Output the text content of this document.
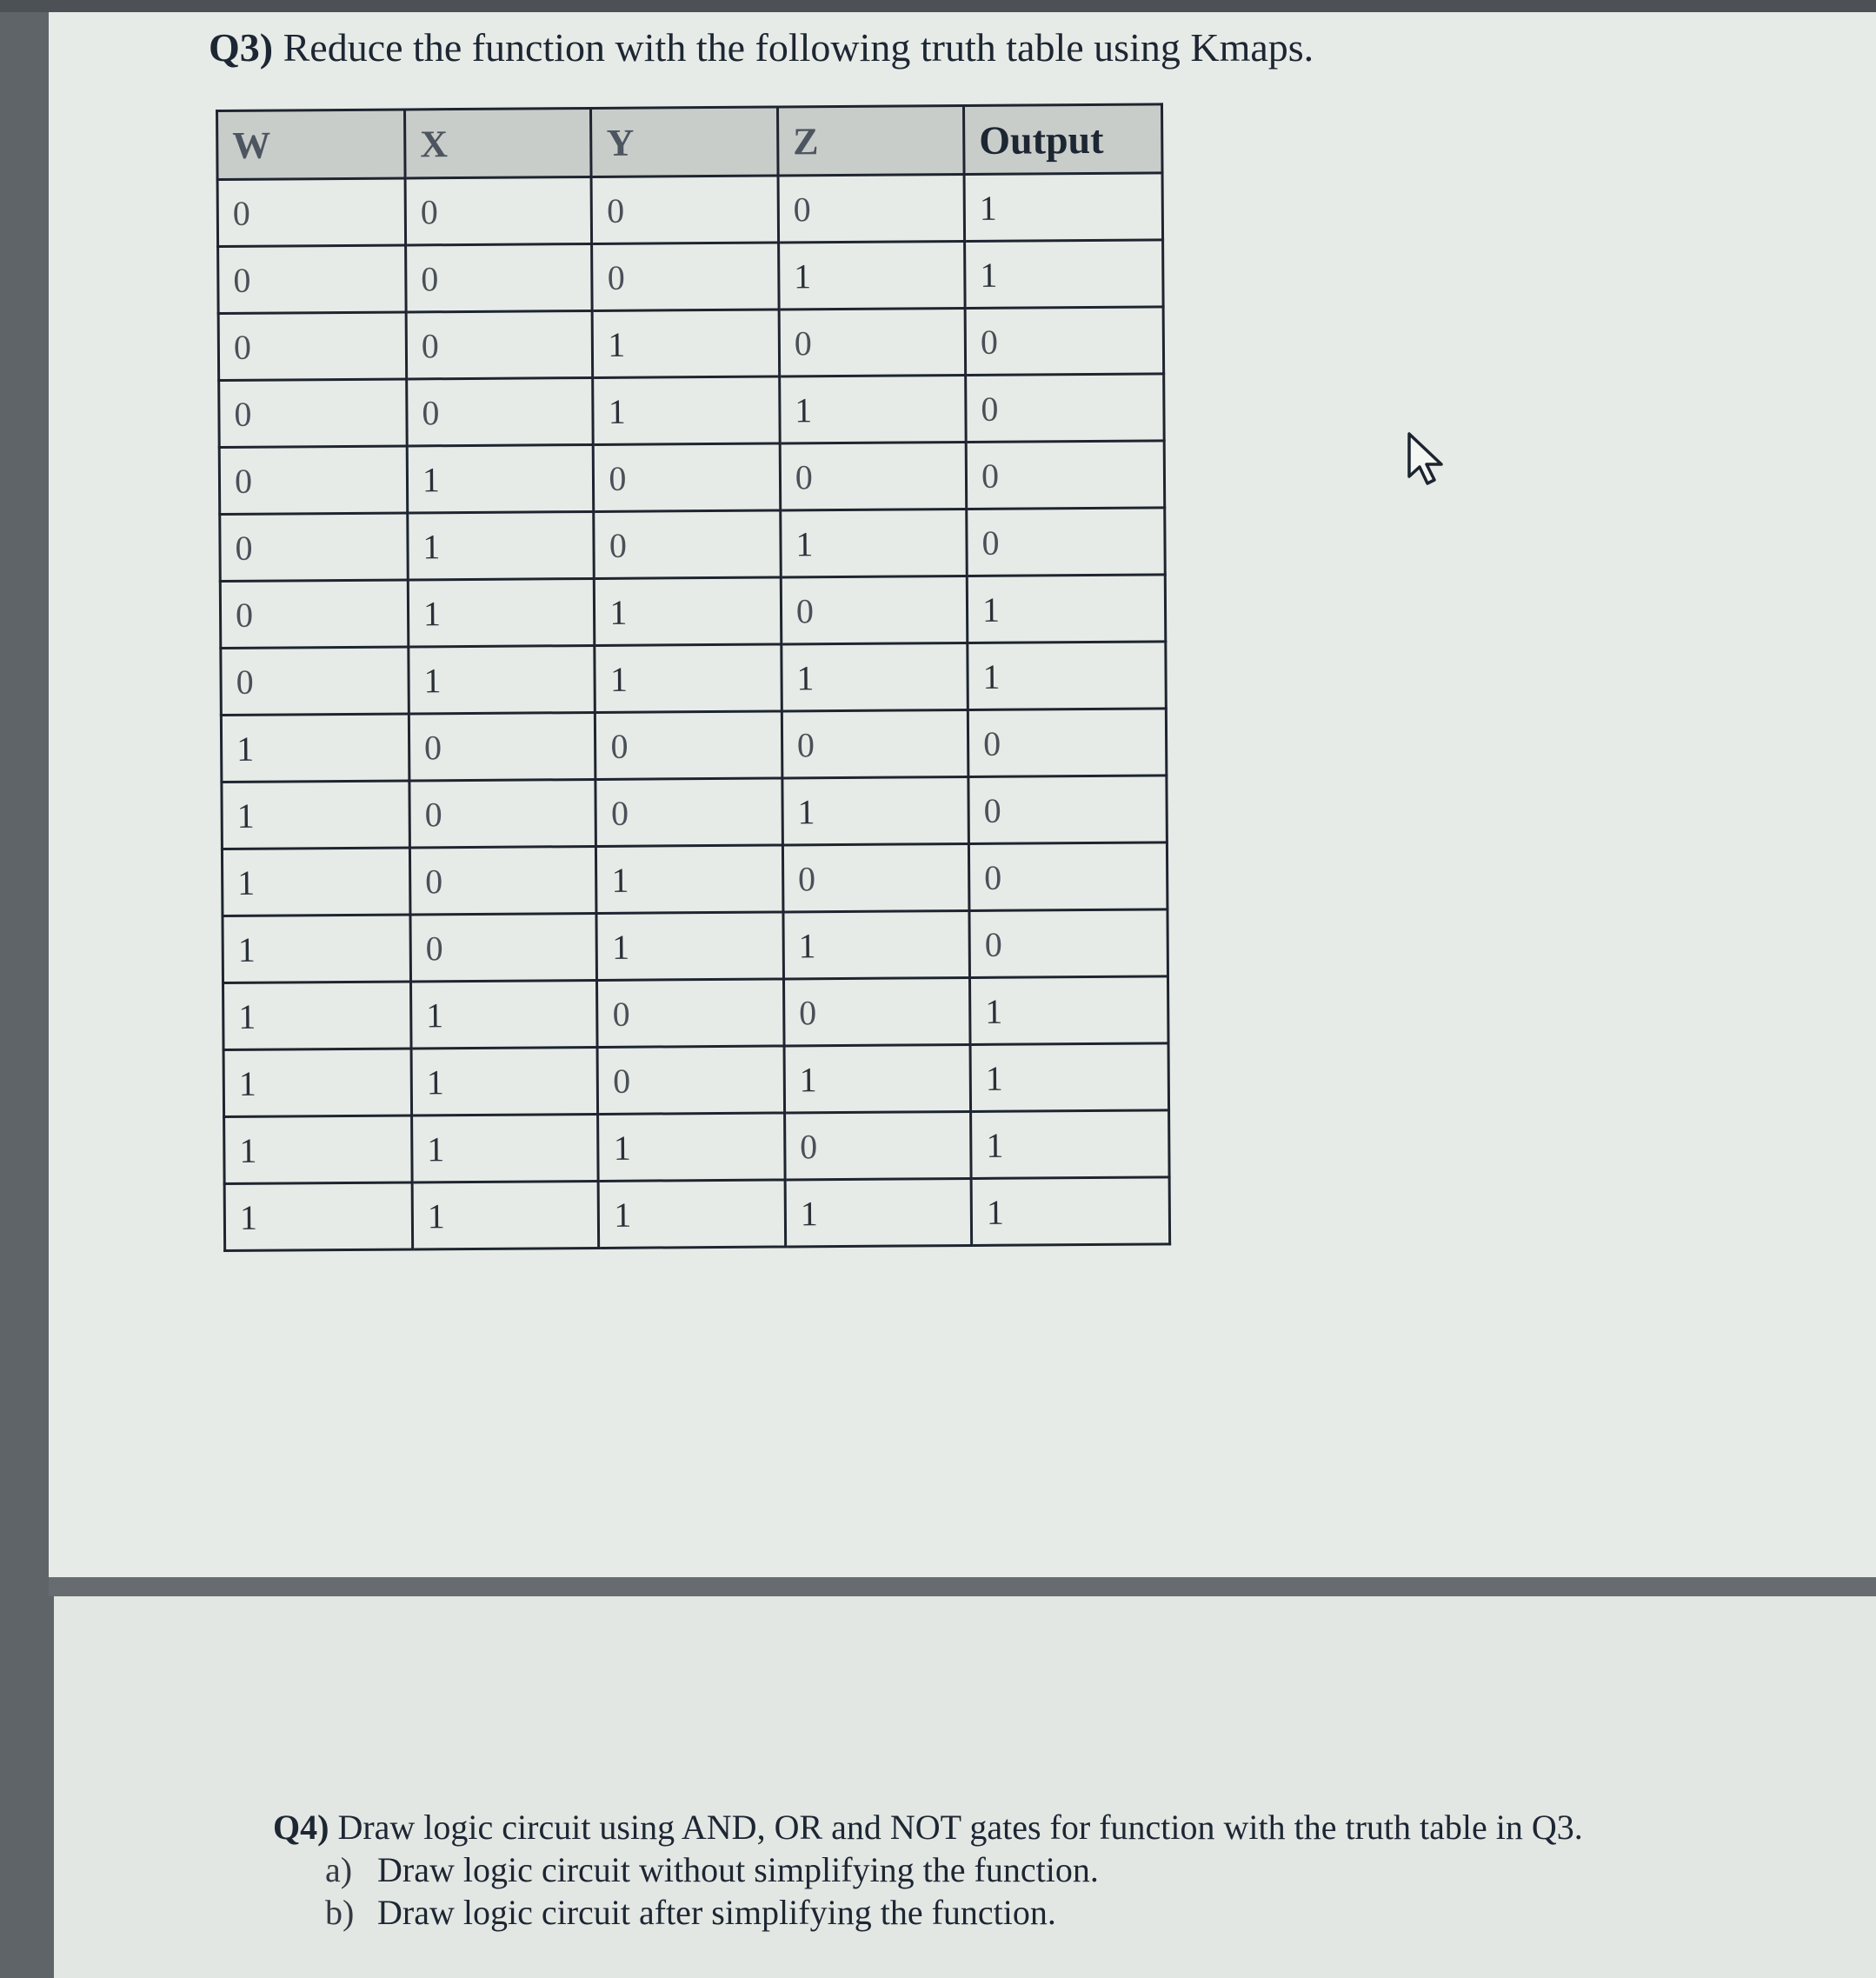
Q3) Reduce the function with the following truth table using Kmaps.
W	X	Y	Z	Output
0	0	0	0	1
0	0	0	1	1
0	0	1	0	0
0	0	1	1	0
0	1	0	0	0
0	1	0	1	0
0	1	1	0	1
0	1	1	1	1
1	0	0	0	0
1	0	0	1	0
1	0	1	0	0
1	0	1	1	0
1	1	0	0	1
1	1	0	1	1
1	1	1	0	1
1	1	1	1	1
Q4) Draw logic circuit using AND, OR and NOT gates for function with the truth table in Q3.
a) Draw logic circuit without simplifying the function.
b) Draw logic circuit after simplifying the function.
